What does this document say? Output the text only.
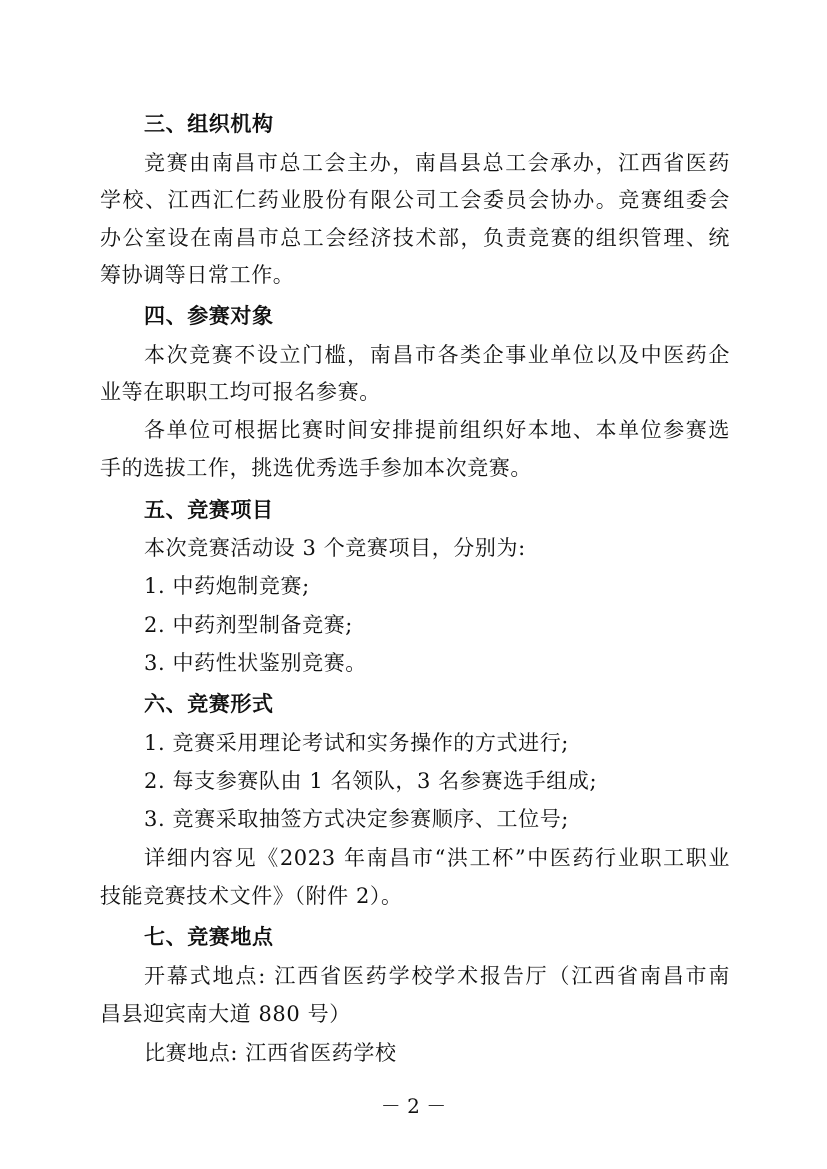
三、组织机构
竞赛由南昌市总工会主办，南昌县总工会承办，江西省医药
学校、江西汇仁药业股份有限公司工会委员会协办。竞赛组委会
办公室设在南昌市总工会经济技术部，负责竞赛的组织管理、统
筹协调等日常工作。
四、参赛对象
本次竞赛不设立门槛，南昌市各类企事业单位以及中医药企
业等在职职工均可报名参赛。
各单位可根据比赛时间安排提前组织好本地、本单位参赛选
手的选拔工作，挑选优秀选手参加本次竞赛。
五、竞赛项目
本次竞赛活动设 3 个竞赛项目，分别为:
1. 中药炮制竞赛;
2. 中药剂型制备竞赛;
3. 中药性状鉴别竞赛。
六、竞赛形式
1. 竞赛采用理论考试和实务操作的方式进行;
2. 每支参赛队由 1 名领队，3 名参赛选手组成;
3. 竞赛采取抽签方式决定参赛顺序、工位号;
详细内容见《2023 年南昌市“洪工杯”中医药行业职工职业
技能竞赛技术文件》（附件 2）。
七、竞赛地点
开幕式地点: 江西省医药学校学术报告厅（江西省南昌市南
昌县迎宾南大道 880 号）
比赛地点: 江西省医药学校
－ 2 －
